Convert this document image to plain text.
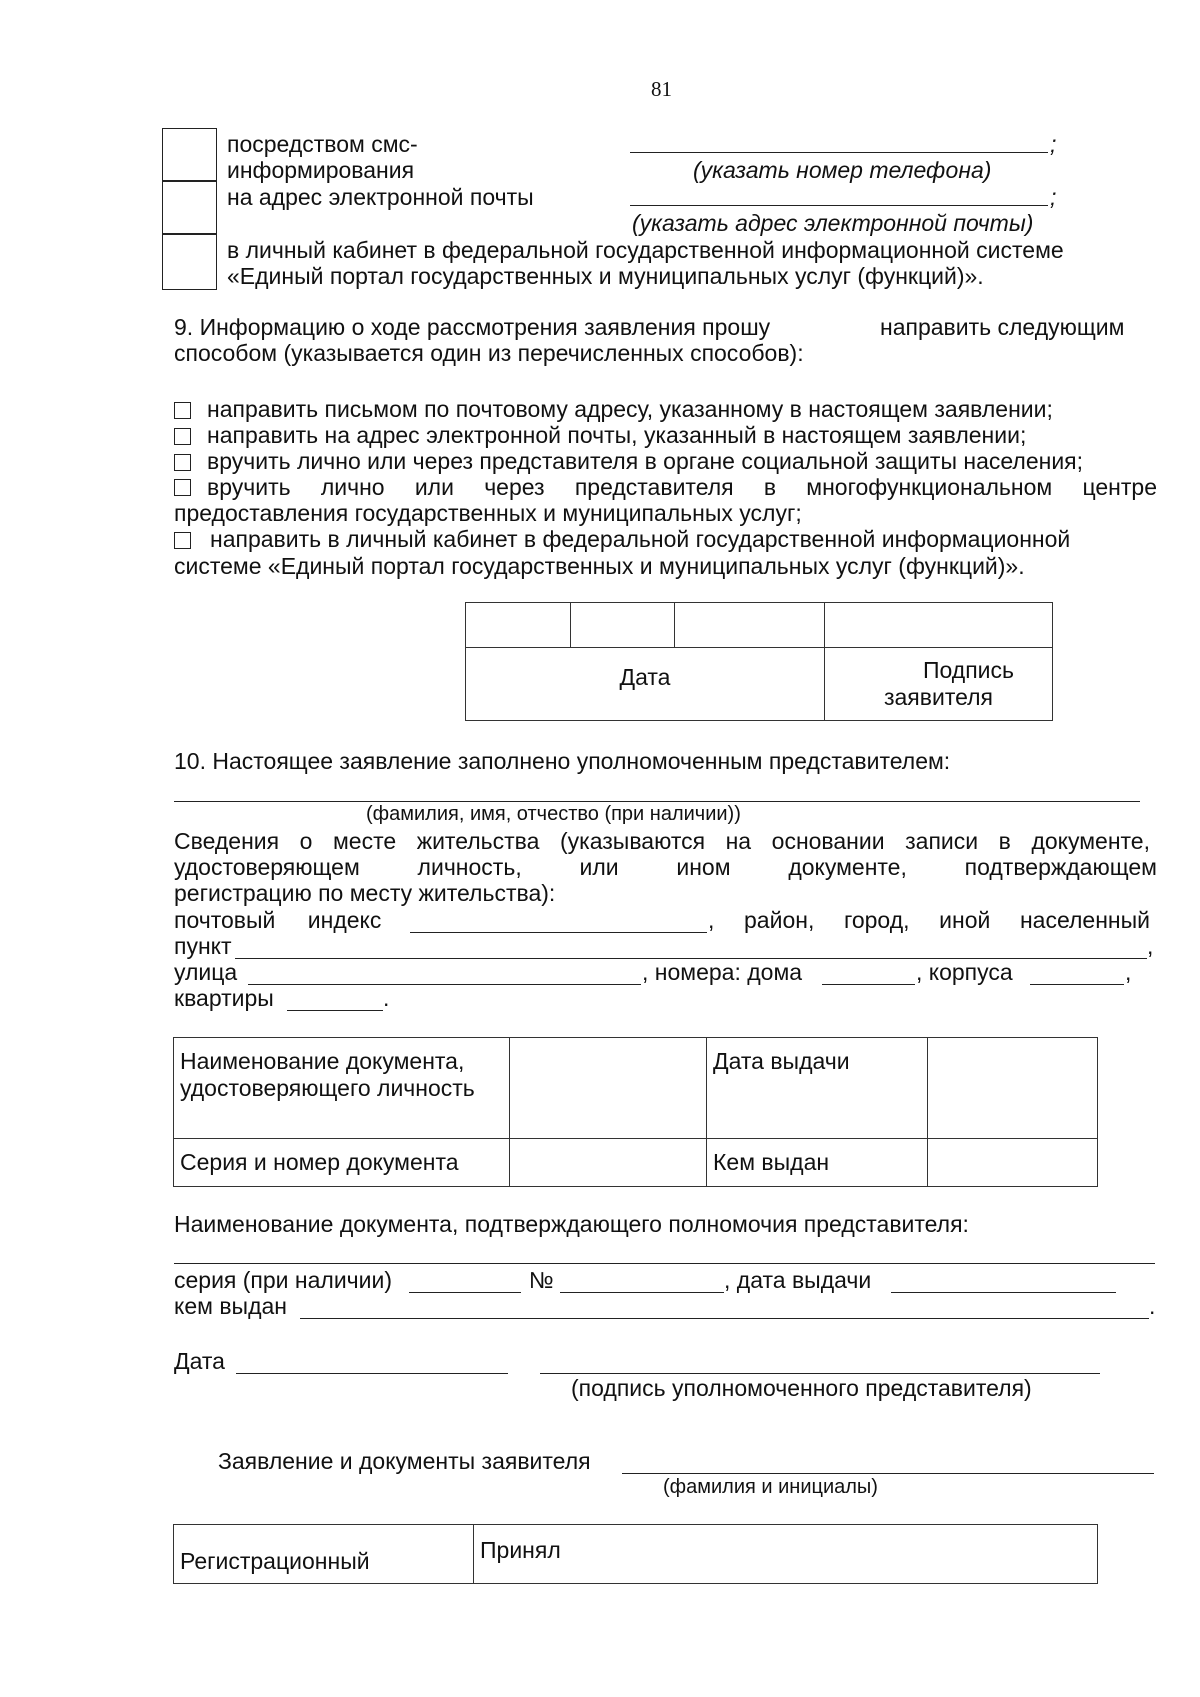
81
посредством смс-
информирования
;
(указать номер телефона)
на адрес электронной почты	;
(указать адрес электронной почты)
в личный кабинет в федеральной государственной информационной системе
«Единый портал государственных и муниципальных услуг (функций)».
9. Информацию о ходе рассмотрения заявления прошу	направить следующим
способом (указывается один из перечисленных способов):
направить письмом по почтовому адресу, указанному в настоящем заявлении;
направить на адрес электронной почты, указанный в настоящем заявлении;
вручить лично или через представителя в органе социальной защиты населения;
вручить лично или через представителя в многофункциональном центре
предоставления государственных и муниципальных услуг;
направить в личный кабинет в федеральной государственной информационной
системе «Единый портал государственных и муниципальных услуг (функций)».

Дата			Подпись
заявителя
10. Настоящее заявление заполнено уполномоченным представителем:
(фамилия, имя, отчество (при наличии))
Сведения о месте жительства (указываются на основании записи в документе,
удостоверяющем личность, или ином документе, подтверждающем
регистрацию по месту жительства):
почтовый индекс	, район, город, иной населенный
пункт	,
улица	, номера: дома	, корпуса	,
квартиры	.
Наименование документа, удостоверяющего личность		Дата выдачи	
Серия и номер документа		Кем выдан	
Наименование документа, подтверждающего полномочия представителя:
серия (при наличии)	№	, дата выдачи
кем выдан	.
Дата
(подпись уполномоченного представителя)
Заявление и документы заявителя
(фамилия и инициалы)
Регистрационный	Принял
